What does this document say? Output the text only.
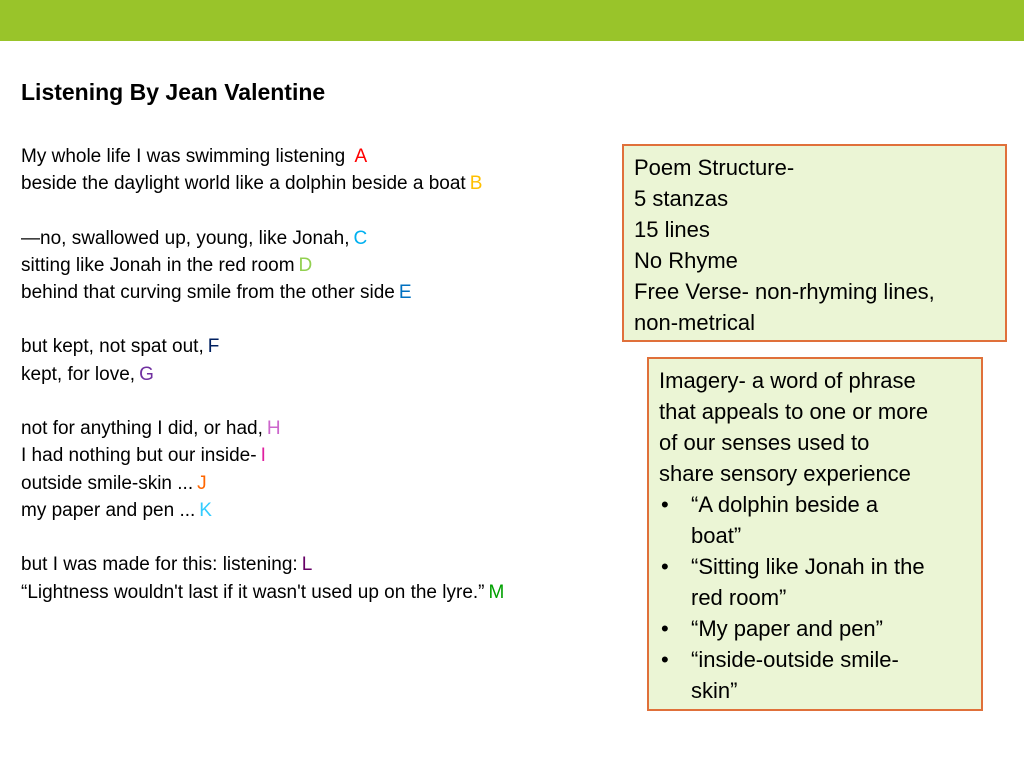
Listening By Jean Valentine
My whole life I was swimming listening A
beside the daylight world like a dolphin beside a boat B
—no, swallowed up, young, like Jonah, C
sitting like Jonah in the red room D
behind that curving smile from the other side E
but kept, not spat out, F
kept, for love, G
not for anything I did, or had, H
I had nothing but our inside- I
outside smile-skin ... J
my paper and pen ... K
but I was made for this: listening: L
“Lightness wouldn't last if it wasn't used up on the lyre.” M
Poem Structure-
5 stanzas
15 lines
No Rhyme
Free Verse- non-rhyming lines,
non-metrical
Imagery- a word of phrase
that appeals to one or more
of our senses used to
share sensory experience
• “A dolphin beside a
boat”
• “Sitting like Jonah in the
red room”
• “My paper and pen”
• “inside-outside smile-
skin”
